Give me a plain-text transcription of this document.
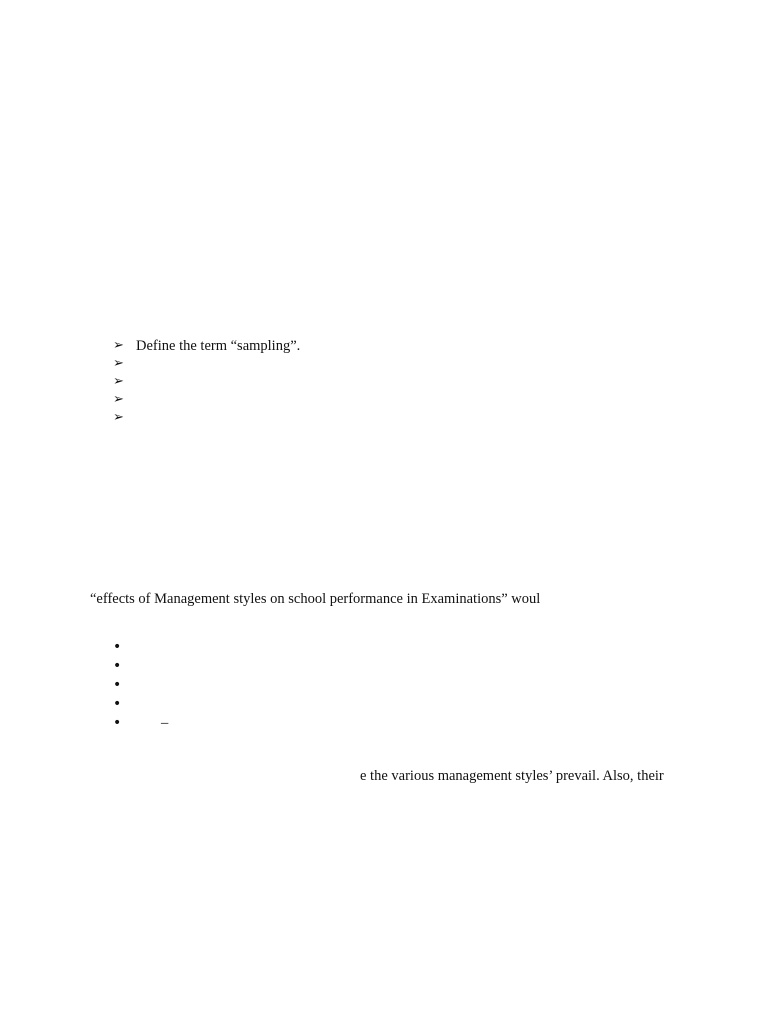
➢ Define the term “sampling”.
➢
➢
➢
➢
“effects of Management styles on school performance in Examinations” woul
•
•
•
•
•	–
e the various management styles’ prevail. Also, their
